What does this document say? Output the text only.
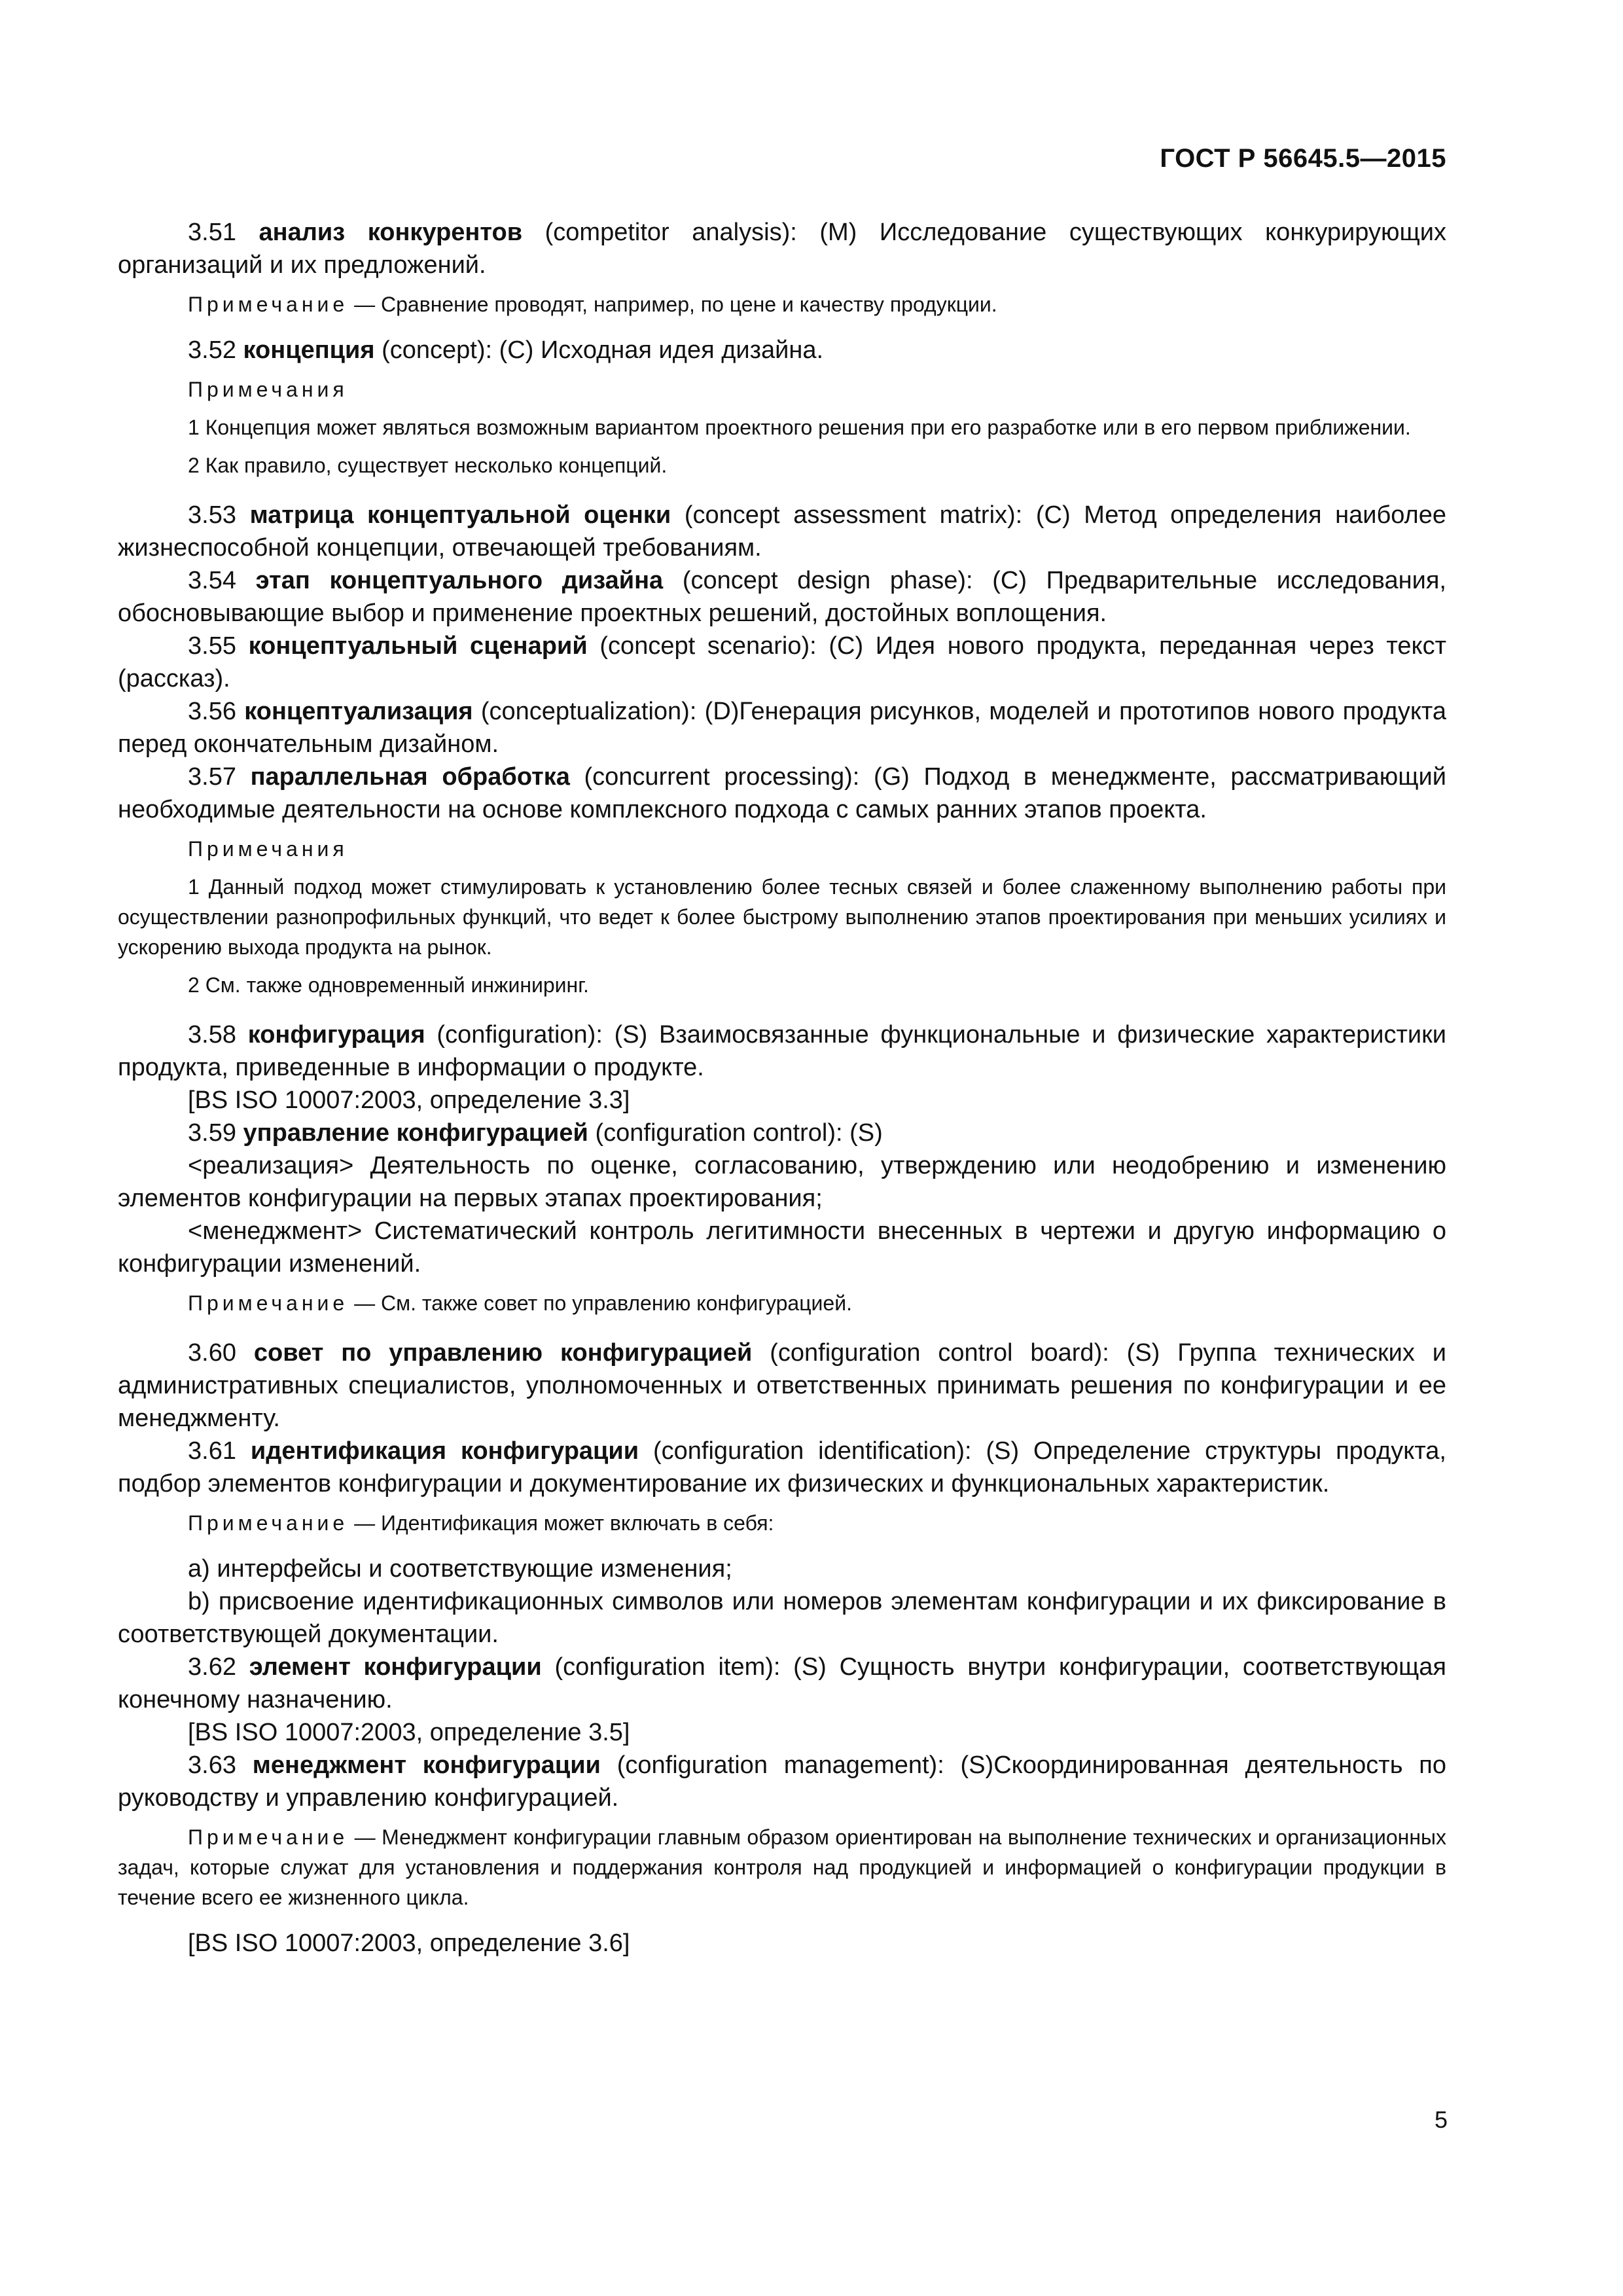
ГОСТ Р 56645.5—2015

3.51 анализ конкурентов (competitor analysis): (M) Исследование существующих конкурирующих организаций и их предложений.

Примечание — Сравнение проводят, например, по цене и качеству продукции.

3.52 концепция (concept): (С) Исходная идея дизайна.

Примечания

1 Концепция может являться возможным вариантом проектного решения при его разработке или в его первом приближении.

2 Как правило, существует несколько концепций.

3.53 матрица концептуальной оценки (concept assessment matrix): (С) Метод определения наиболее жизнеспособной концепции, отвечающей требованиям.

3.54 этап концептуального дизайна (concept design phase): (С) Предварительные исследования, обосновывающие выбор и применение проектных решений, достойных воплощения.

3.55 концептуальный сценарий (concept scenario): (С) Идея нового продукта, переданная через текст (рассказ).

3.56 концептуализация (conceptualization): (D)Генерация рисунков, моделей и прототипов нового продукта перед окончательным дизайном.

3.57 параллельная обработка (concurrent processing): (G) Подход в менеджменте, рассматривающий необходимые деятельности на основе комплексного подхода с самых ранних этапов проекта.

Примечания

1 Данный подход может стимулировать к установлению более тесных связей и более слаженному выполнению работы при осуществлении разнопрофильных функций, что ведет к более быстрому выполнению этапов проектирования при меньших усилиях и ускорению выхода продукта на рынок.

2 См. также одновременный инжиниринг.

3.58 конфигурация (configuration): (S) Взаимосвязанные функциональные и физические характеристики продукта, приведенные в информации о продукте.

[BS ISO 10007:2003, определение 3.3]

3.59 управление конфигурацией (configuration control): (S)

<реализация> Деятельность по оценке, согласованию, утверждению или неодобрению и изменению элементов конфигурации на первых этапах проектирования;

<менеджмент> Систематический контроль легитимности внесенных в чертежи и другую информацию о конфигурации изменений.

Примечание — См. также совет по управлению конфигурацией.

3.60 совет по управлению конфигурацией (configuration control board): (S) Группа технических и административных специалистов, уполномоченных и ответственных принимать решения по конфигурации и ее менеджменту.

3.61 идентификация конфигурации (configuration identification): (S) Определение структуры продукта, подбор элементов конфигурации и документирование их физических и функциональных характеристик.

Примечание — Идентификация может включать в себя:

a) интерфейсы и соответствующие изменения;

b) присвоение идентификационных символов или номеров элементам конфигурации и их фиксирование в соответствующей документации.

3.62 элемент конфигурации (configuration item): (S) Сущность внутри конфигурации, соответствующая конечному назначению.

[BS ISO 10007:2003, определение 3.5]

3.63 менеджмент конфигурации (configuration management): (S)Скоординированная деятельность по руководству и управлению конфигурацией.

Примечание — Менеджмент конфигурации главным образом ориентирован на выполнение технических и организационных задач, которые служат для установления и поддержания контроля над продукцией и информацией о конфигурации продукции в течение всего ее жизненного цикла.

[BS ISO 10007:2003, определение 3.6]

5
